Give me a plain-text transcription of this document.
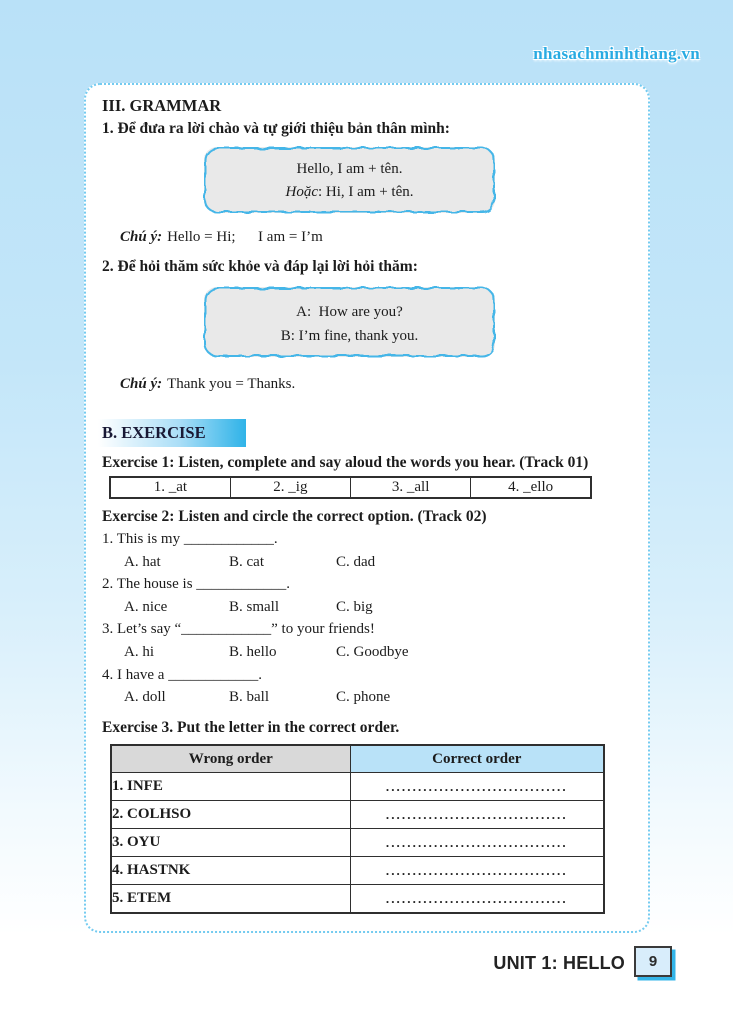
nhasachminhthang.vn
III. GRAMMAR
1. Để đưa ra lời chào và tự giới thiệu bản thân mình:
Hello, I am + tên.
Hoặc: Hi, I am + tên.
Chú ý: Hello = Hi;      I am = I’m
2. Để hỏi thăm sức khỏe và đáp lại lời hỏi thăm:
A:  How are you?
B: I’m fine, thank you.
Chú ý: Thank you = Thanks.
B. EXERCISE
Exercise 1: Listen, complete and say aloud the words you hear. (Track 01)
1. _at	2. _ig	3. _all	4. _ello
Exercise 2: Listen and circle the correct option. (Track 02)
1. This is my ____________.
A. hat	B. cat	C. dad
2. The house is ____________.
A. nice	B. small	C. big
3. Let’s say “____________” to your friends!
A. hi	B. hello	C. Goodbye
4. I have a ____________.
A. doll	B. ball	C. phone
Exercise 3. Put the letter in the correct order.
Wrong order	Correct order
1. INFE	..................................
2. COLHSO	..................................
3. OYU	..................................
4. HASTNK	..................................
5. ETEM	..................................
UNIT 1: HELLO 9
